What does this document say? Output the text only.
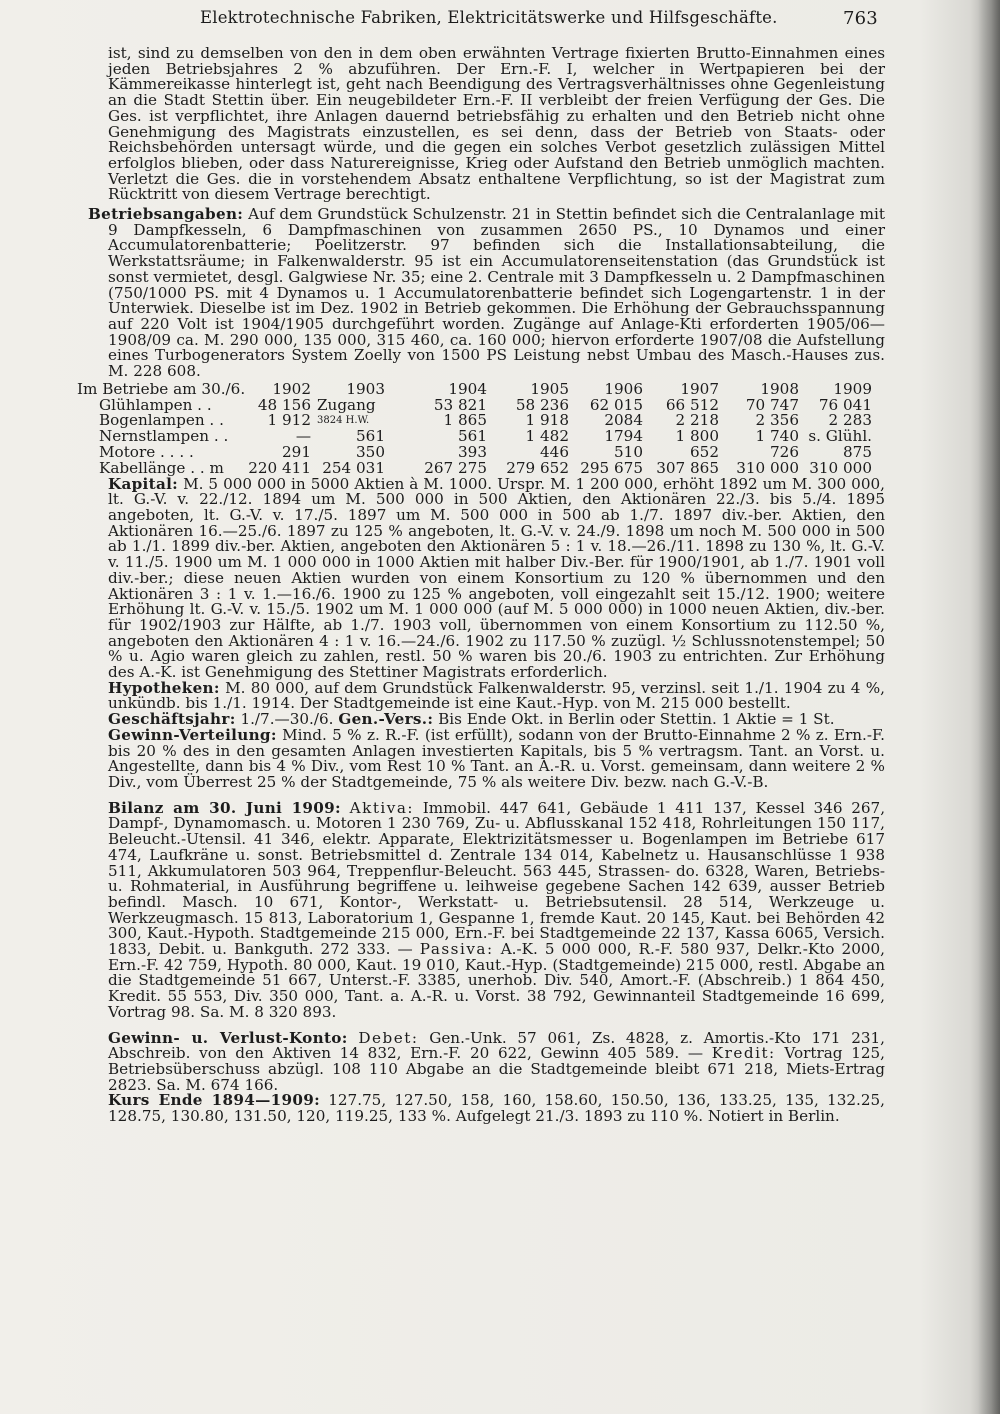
Elektrotechnische Fabriken, Elektricitätswerke und Hilfsgeschäfte.	763

ist, sind zu demselben von den in dem oben erwähnten Vertrage fixierten Brutto-Einnahmen eines jeden Betriebsjahres 2 % abzuführen. Der Ern.-F. I, welcher in Wertpapieren bei der Kämmereikasse hinterlegt ist, geht nach Beendigung des Vertragsverhältnisses ohne Gegenleistung an die Stadt Stettin über. Ein neugebildeter Ern.-F. II verbleibt der freien Verfügung der Ges. Die Ges. ist verpflichtet, ihre Anlagen dauernd betriebsfähig zu erhalten und den Betrieb nicht ohne Genehmigung des Magistrats einzustellen, es sei denn, dass der Betrieb von Staats- oder Reichsbehörden untersagt würde, und die gegen ein solches Verbot gesetzlich zulässigen Mittel erfolglos blieben, oder dass Naturereignisse, Krieg oder Aufstand den Betrieb unmöglich machten. Verletzt die Ges. die in vorstehendem Absatz enthaltene Verpflichtung, so ist der Magistrat zum Rücktritt von diesem Vertrage berechtigt.

Betriebsangaben: Auf dem Grundstück Schulzenstr. 21 in Stettin befindet sich die Centralanlage mit 9 Dampfkesseln, 6 Dampfmaschinen von zusammen 2650 PS., 10 Dynamos und einer Accumulatorenbatterie; Poelitzerstr. 97 befinden sich die Installationsabteilung, die Werkstattsräume; in Falkenwalderstr. 95 ist ein Accumulatorenseitenstation (das Grundstück ist sonst vermietet, desgl. Galgwiese Nr. 35; eine 2. Centrale mit 3 Dampfkesseln u. 2 Dampfmaschinen (750/1000 PS. mit 4 Dynamos u. 1 Accumulatorenbatterie befindet sich Logengartenstr. 1 in der Unterwiek. Dieselbe ist im Dez. 1902 in Betrieb gekommen. Die Erhöhung der Gebrauchsspannung auf 220 Volt ist 1904/1905 durchgeführt worden. Zugänge auf Anlage-Kti erforderten 1905/06—1908/09 ca. M. 290 000, 135 000, 315 460, ca. 160 000; hiervon erforderte 1907/08 die Aufstellung eines Turbogenerators System Zoelly von 1500 PS Leistung nebst Umbau des Masch.-Hauses zus. M. 228 608.

Im Betriebe am 30./6.	1902	1903	1904	1905	1906	1907	1908	1909
Glühlampen . .	48 156	Zugang	53 821	58 236	62 015	66 512	70 747	76 041
Bogenlampen . .	1 912	3824 H.W.	1 865	1 918	2084	2 218	2 356	2 283
Nernstlampen . .	—	561	561	1 482	1794	1 800	1 740	s. Glühl.
Motore . . . .	291	350	393	446	510	652	726	875
Kabellänge . . m	220 411	254 031	267 275	279 652	295 675	307 865	310 000	310 000

Kapital: M. 5 000 000 in 5000 Aktien à M. 1000. Urspr. M. 1 200 000, erhöht 1892 um M. 300 000, lt. G.-V. v. 22./12. 1894 um M. 500 000 in 500 Aktien, den Aktionären 22./3. bis 5./4. 1895 angeboten, lt. G.-V. v. 17./5. 1897 um M. 500 000 in 500 ab 1./7. 1897 div.-ber. Aktien, den Aktionären 16.—25./6. 1897 zu 125 % angeboten, lt. G.-V. v. 24./9. 1898 um noch M. 500 000 in 500 ab 1./1. 1899 div.-ber. Aktien, angeboten den Aktionären 5 : 1 v. 18.—26./11. 1898 zu 130 %, lt. G.-V. v. 11./5. 1900 um M. 1 000 000 in 1000 Aktien mit halber Div.-Ber. für 1900/1901, ab 1./7. 1901 voll div.-ber.; diese neuen Aktien wurden von einem Konsortium zu 120 % übernommen und den Aktionären 3 : 1 v. 1.—16./6. 1900 zu 125 % angeboten, voll eingezahlt seit 15./12. 1900; weitere Erhöhung lt. G.-V. v. 15./5. 1902 um M. 1 000 000 (auf M. 5 000 000) in 1000 neuen Aktien, div.-ber. für 1902/1903 zur Hälfte, ab 1./7. 1903 voll, übernommen von einem Konsortium zu 112.50 %, angeboten den Aktionären 4 : 1 v. 16.—24./6. 1902 zu 117.50 % zuzügl. ½ Schlussnotenstempel; 50 % u. Agio waren gleich zu zahlen, restl. 50 % waren bis 20./6. 1903 zu entrichten. Zur Erhöhung des A.-K. ist Genehmigung des Stettiner Magistrats erforderlich.

Hypotheken: M. 80 000, auf dem Grundstück Falkenwalderstr. 95, verzinsl. seit 1./1. 1904 zu 4 %, unkündb. bis 1./1. 1914. Der Stadtgemeinde ist eine Kaut.-Hyp. von M. 215 000 bestellt.

Geschäftsjahr: 1./7.—30./6. Gen.-Vers.: Bis Ende Okt. in Berlin oder Stettin. 1 Aktie = 1 St.

Gewinn-Verteilung: Mind. 5 % z. R.-F. (ist erfüllt), sodann von der Brutto-Einnahme 2 % z. Ern.-F. bis 20 % des in den gesamten Anlagen investierten Kapitals, bis 5 % vertragsm. Tant. an Vorst. u. Angestellte, dann bis 4 % Div., vom Rest 10 % Tant. an A.-R. u. Vorst. gemeinsam, dann weitere 2 % Div., vom Überrest 25 % der Stadtgemeinde, 75 % als weitere Div. bezw. nach G.-V.-B.

Bilanz am 30. Juni 1909: Aktiva: Immobil. 447 641, Gebäude 1 411 137, Kessel 346 267, Dampf-, Dynamomasch. u. Motoren 1 230 769, Zu- u. Abflusskanal 152 418, Rohrleitungen 150 117, Beleucht.-Utensil. 41 346, elektr. Apparate, Elektrizitätsmesser u. Bogenlampen im Betriebe 617 474, Laufkräne u. sonst. Betriebsmittel d. Zentrale 134 014, Kabelnetz u. Hausanschlüsse 1 938 511, Akkumulatoren 503 964, Treppenflur-Beleucht. 563 445, Strassen- do. 6328, Waren, Betriebs- u. Rohmaterial, in Ausführung begriffene u. leihweise gegebene Sachen 142 639, ausser Betrieb befindl. Masch. 10 671, Kontor-, Werkstatt- u. Betriebsutensil. 28 514, Werkzeuge u. Werkzeugmasch. 15 813, Laboratorium 1, Gespanne 1, fremde Kaut. 20 145, Kaut. bei Behörden 42 300, Kaut.-Hypoth. Stadtgemeinde 215 000, Ern.-F. bei Stadtgemeinde 22 137, Kassa 6065, Versich. 1833, Debit. u. Bankguth. 272 333. — Passiva: A.-K. 5 000 000, R.-F. 580 937, Delkr.-Kto 2000, Ern.-F. 42 759, Hypoth. 80 000, Kaut. 19 010, Kaut.-Hyp. (Stadtgemeinde) 215 000, restl. Abgabe an die Stadtgemeinde 51 667, Unterst.-F. 3385, unerhob. Div. 540, Amort.-F. (Abschreib.) 1 864 450, Kredit. 55 553, Div. 350 000, Tant. a. A.-R. u. Vorst. 38 792, Gewinnanteil Stadtgemeinde 16 699, Vortrag 98. Sa. M. 8 320 893.

Gewinn- u. Verlust-Konto: Debet: Gen.-Unk. 57 061, Zs. 4828, z. Amortis.-Kto 171 231, Abschreib. von den Aktiven 14 832, Ern.-F. 20 622, Gewinn 405 589. — Kredit: Vortrag 125, Betriebsüberschuss abzügl. 108 110 Abgabe an die Stadtgemeinde bleibt 671 218, Miets-Ertrag 2823. Sa. M. 674 166.

Kurs Ende 1894—1909: 127.75, 127.50, 158, 160, 158.60, 150.50, 136, 133.25, 135, 132.25, 128.75, 130.80, 131.50, 120, 119.25, 133 %. Aufgelegt 21./3. 1893 zu 110 %. Notiert in Berlin.
